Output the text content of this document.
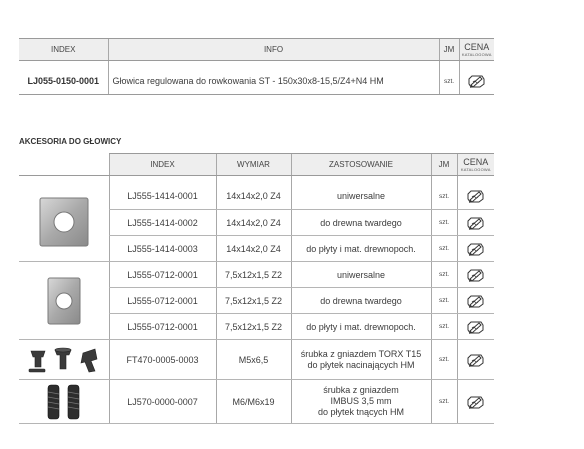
INDEX	INFO	JM	CENA
KATALOGOWA

LJ055-0150-0001	Głowica regulowana do rowkowania ST - 150x30x8-15,5/Z4+N4 HM	szt.	
AKCESORIA DO GŁOWICY
	INDEX	WYMIAR	ZASTOSOWANIE	JM	CENA
KATALOGOWA

	LJ555-1414-0001	14x14x2,0 Z4	uniwersalne	szt.	
	LJ555-1414-0002	14x14x2,0 Z4	do drewna twardego	szt.	
	LJ555-1414-0003	14x14x2,0 Z4	do płyty i mat. drewnopoch.	szt.	

	LJ555-0712-0001	7,5x12x1,5 Z2	uniwersalne	szt.	
	LJ555-0712-0001	7,5x12x1,5 Z2	do drewna twardego	szt.	
	LJ555-0712-0001	7,5x12x1,5 Z2	do płyty i mat. drewnopoch.	szt.	

	FT470-0005-0003	M5x6,5	śrubka z gniazdem TORX T15
do płytek nacinających HM	szt.	

	LJ570-0000-0007	M6/M6x19	śrubka z gniazdem
IMBUS 3,5 mm
do płytek tnących HM	szt.	
